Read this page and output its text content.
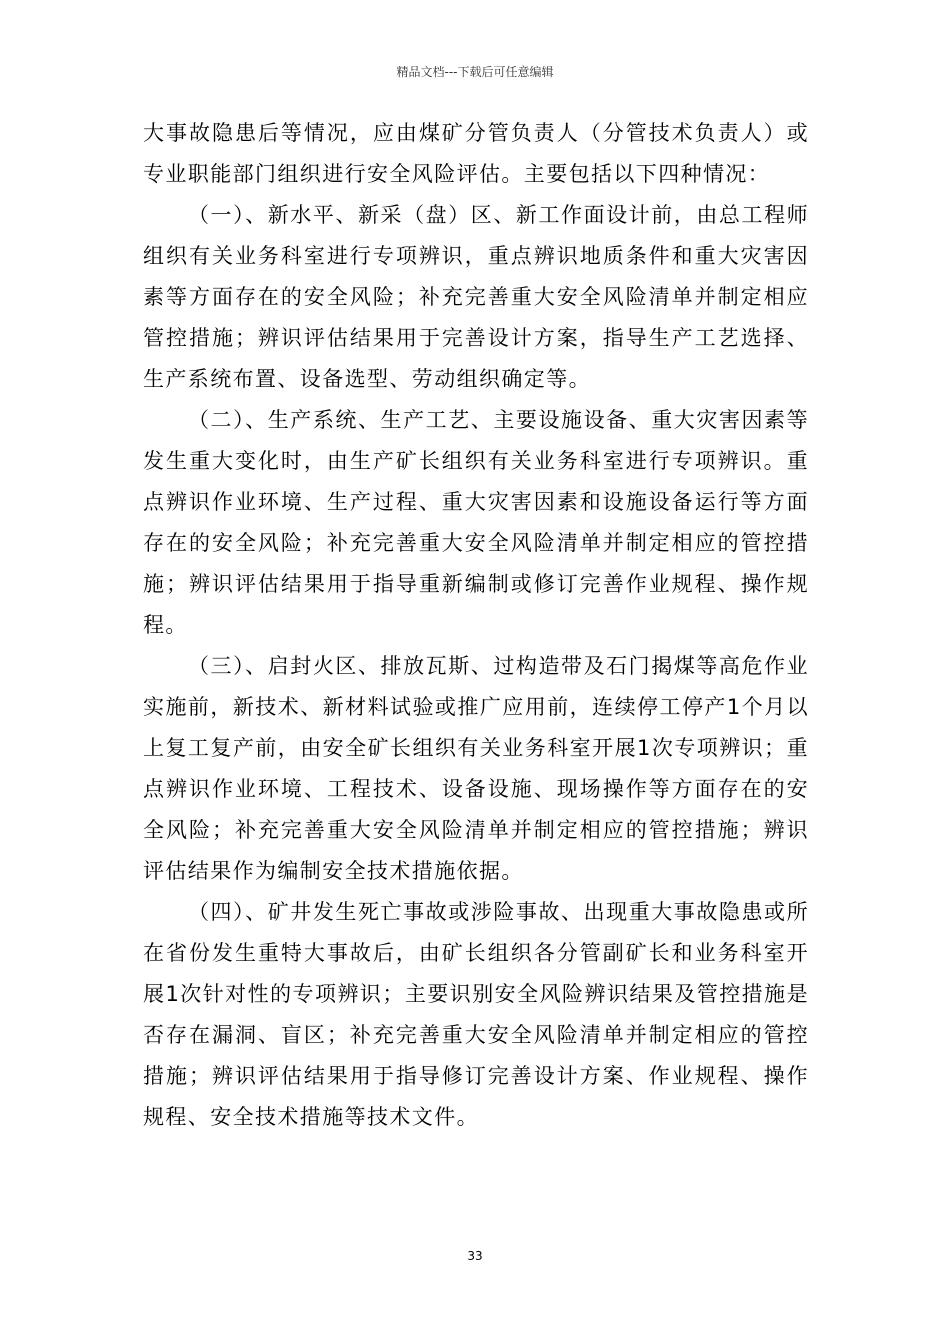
精品文档---下载后可任意编辑

大事故隐患后等情况，应由煤矿分管负责人（分管技术负责人）或专业职能部门组织进行安全风险评估。主要包括以下四种情况：

（一）、新水平、新采（盘）区、新工作面设计前，由总工程师组织有关业务科室进行专项辨识，重点辨识地质条件和重大灾害因素等方面存在的安全风险；补充完善重大安全风险清单并制定相应管控措施；辨识评估结果用于完善设计方案，指导生产工艺选择、生产系统布置、设备选型、劳动组织确定等。

（二）、生产系统、生产工艺、主要设施设备、重大灾害因素等发生重大变化时，由生产矿长组织有关业务科室进行专项辨识。重点辨识作业环境、生产过程、重大灾害因素和设施设备运行等方面存在的安全风险；补充完善重大安全风险清单并制定相应的管控措施；辨识评估结果用于指导重新编制或修订完善作业规程、操作规程。

（三）、启封火区、排放瓦斯、过构造带及石门揭煤等高危作业实施前，新技术、新材料试验或推广应用前，连续停工停产1个月以上复工复产前，由安全矿长组织有关业务科室开展1次专项辨识；重点辨识作业环境、工程技术、设备设施、现场操作等方面存在的安全风险；补充完善重大安全风险清单并制定相应的管控措施；辨识评估结果作为编制安全技术措施依据。

（四）、矿井发生死亡事故或涉险事故、出现重大事故隐患或所在省份发生重特大事故后，由矿长组织各分管副矿长和业务科室开展1次针对性的专项辨识；主要识别安全风险辨识结果及管控措施是否存在漏洞、盲区；补充完善重大安全风险清单并制定相应的管控措施；辨识评估结果用于指导修订完善设计方案、作业规程、操作规程、安全技术措施等技术文件。

33
